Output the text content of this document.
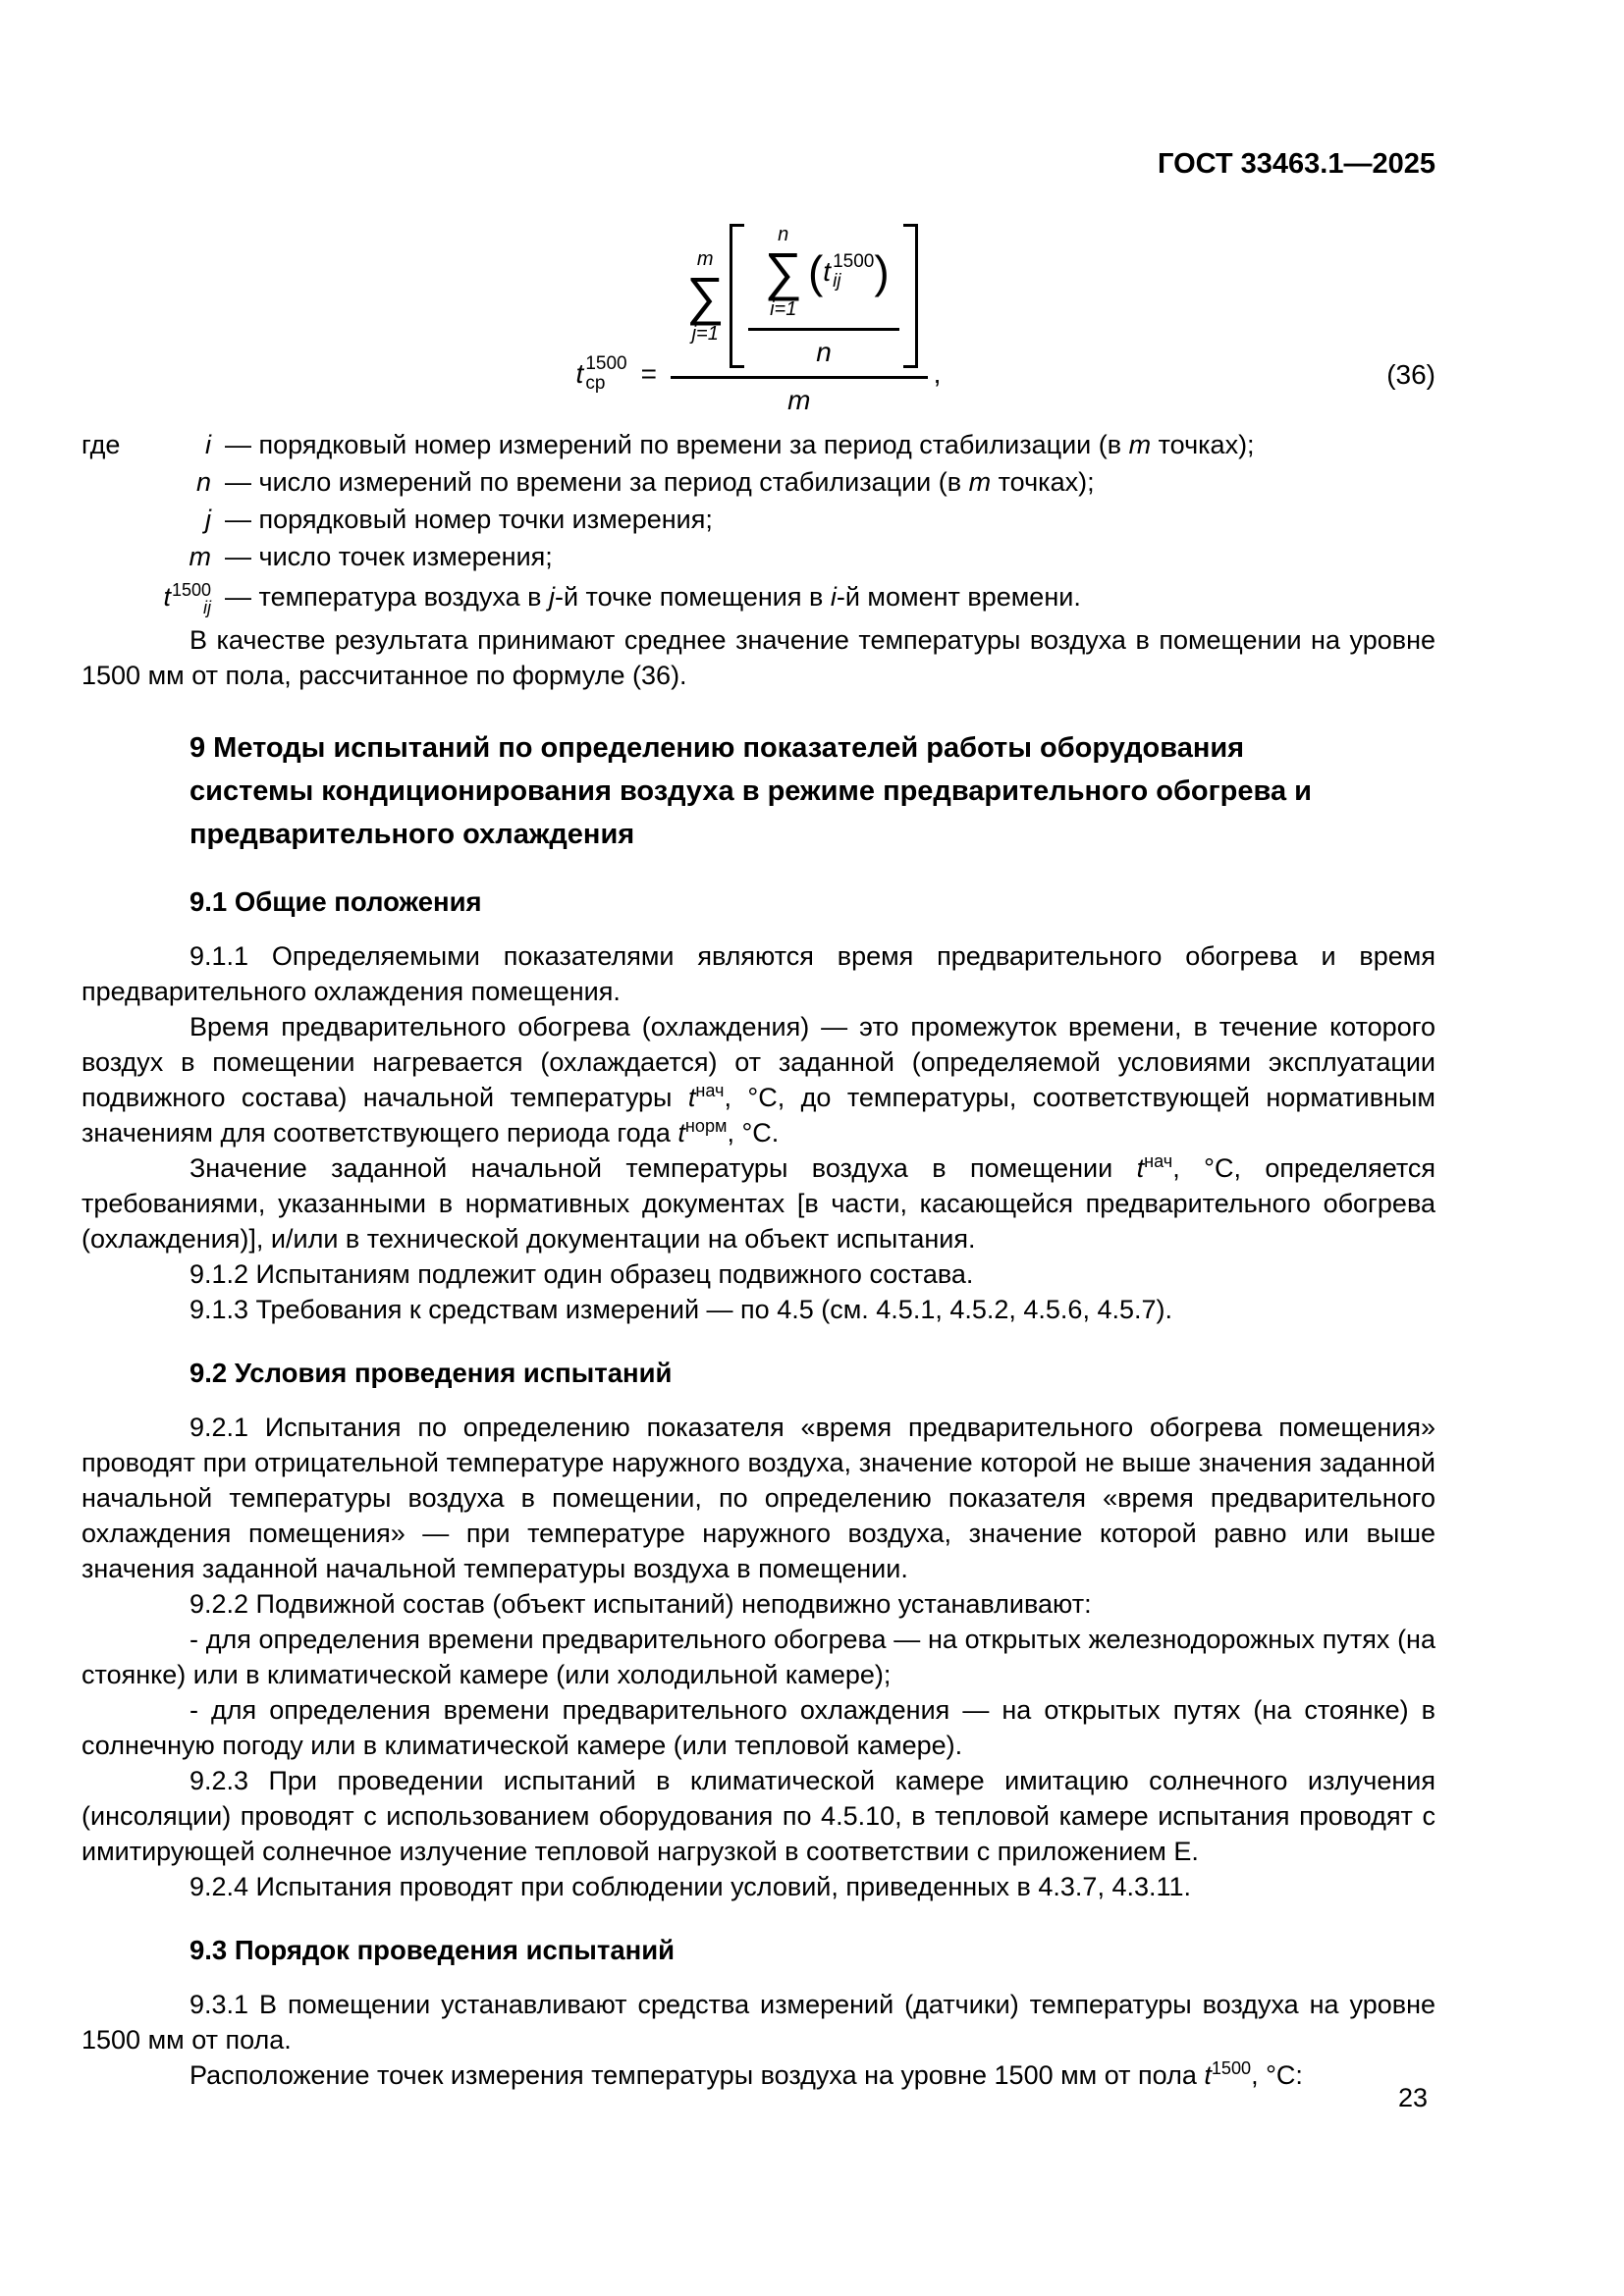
ГОСТ 33463.1—2025
t 1500
ср =
m
∑
j=1
n
∑
i=1
( t 1500
ij )
n
m
,	(36)
где	i — порядковый номер измерений по времени за период стабилизации (в m точках);
n — число измерений по времени за период стабилизации (в m точках);
j — порядковый номер точки измерения;
m — число точек измерения;
t 1500
ij — температура воздуха в j-й точке помещения в i-й момент времени.

В качестве результата принимают среднее значение температуры воздуха в помещении на уровне 1500 мм от пола, рассчитанное по формуле (36).

9 Методы испытаний по определению показателей работы оборудования системы кондиционирования воздуха в режиме предварительного обогрева и предварительного охлаждения
9.1 Общие положения

9.1.1 Определяемыми показателями являются время предварительного обогрева и время предварительного охлаждения помещения.

Время предварительного обогрева (охлаждения) — это промежуток времени, в течение которого воздух в помещении нагревается (охлаждается) от заданной (определяемой условиями эксплуатации подвижного состава) начальной температуры $t^{нач}$, °С, до температуры, соответствующей нормативным значениям для соответствующего периода года $t^{норм}$, °С.

Значение заданной начальной температуры воздуха в помещении $t^{нач}$, °С, определяется требованиями, указанными в нормативных документах [в части, касающейся предварительного обогрева (охлаждения)], и/или в технической документации на объект испытания.

9.1.2 Испытаниям подлежит один образец подвижного состава.

9.1.3 Требования к средствам измерений — по 4.5 (см. 4.5.1, 4.5.2, 4.5.6, 4.5.7).

9.2 Условия проведения испытаний

9.2.1 Испытания по определению показателя «время предварительного обогрева помещения» проводят при отрицательной температуре наружного воздуха, значение которой не выше значения заданной начальной температуры воздуха в помещении, по определению показателя «время предварительного охлаждения помещения» — при температуре наружного воздуха, значение которой равно или выше значения заданной начальной температуры воздуха в помещении.

9.2.2 Подвижной состав (объект испытаний) неподвижно устанавливают:

- для определения времени предварительного обогрева — на открытых железнодорожных путях (на стоянке) или в климатической камере (или холодильной камере);

- для определения времени предварительного охлаждения — на открытых путях (на стоянке) в солнечную погоду или в климатической камере (или тепловой камере).

9.2.3 При проведении испытаний в климатической камере имитацию солнечного излучения (инсоляции) проводят с использованием оборудования по 4.5.10, в тепловой камере испытания проводят с имитирующей солнечное излучение тепловой нагрузкой в соответствии с приложением Е.

9.2.4 Испытания проводят при соблюдении условий, приведенных в 4.3.7, 4.3.11.

9.3 Порядок проведения испытаний

9.3.1 В помещении устанавливают средства измерений (датчики) температуры воздуха на уровне 1500 мм от пола.

Расположение точек измерения температуры воздуха на уровне 1500 мм от пола $t^{1500}$, °С:

23
